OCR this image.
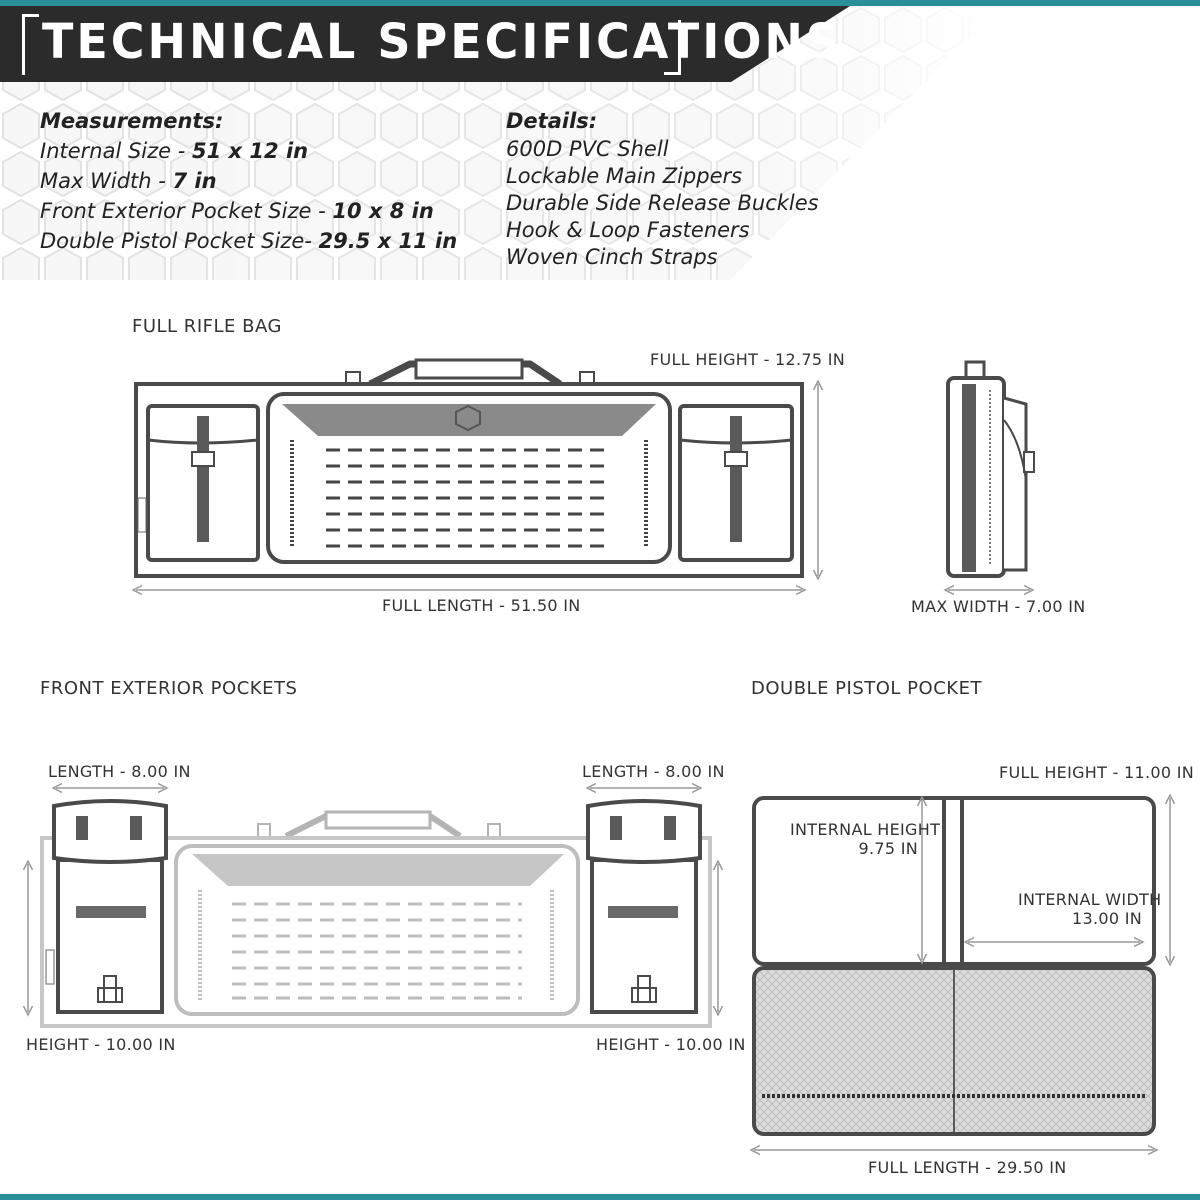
TECHNICAL SPECIFICATIONS
Measurements:
Internal Size - 51 x 12 in
Max Width - 7 in
Front Exterior Pocket Size - 10 x 8 in
Double Pistol Pocket Size- 29.5 x 11 in
Details:
600D PVC Shell
Lockable Main Zippers
Durable Side Release Buckles
Hook & Loop Fasteners
Woven Cinch Straps
FULL RIFLE BAG
FULL HEIGHT - 12.75 IN
FULL LENGTH - 51.50 IN	MAX WIDTH - 7.00 IN
FRONT EXTERIOR POCKETS
LENGTH - 8.00 IN	LENGTH - 8.00 IN
HEIGHT - 10.00 IN	HEIGHT - 10.00 IN
DOUBLE PISTOL POCKET
FULL HEIGHT - 11.00 IN
INTERNAL HEIGHT
9.75 IN
INTERNAL WIDTH
13.00 IN
FULL LENGTH - 29.50 IN
